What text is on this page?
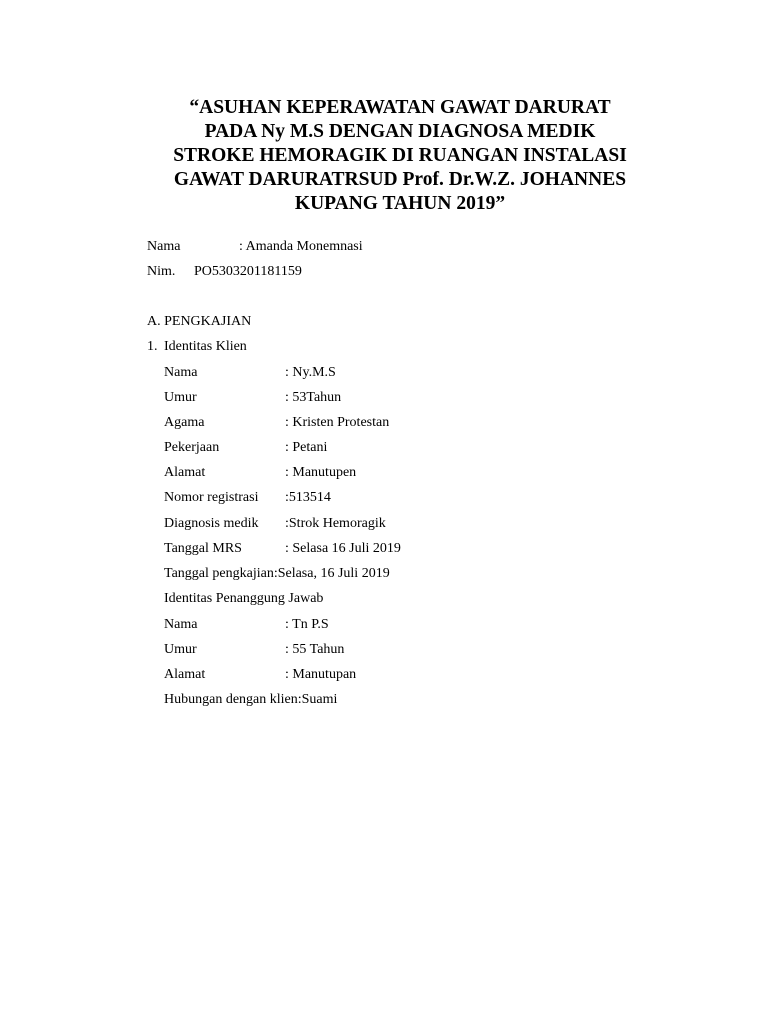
“ASUHAN KEPERAWATAN GAWAT DARURAT
PADA Ny M.S DENGAN DIAGNOSA MEDIK
STROKE HEMORAGIK DI RUANGAN INSTALASI
GAWAT DARURATRSUD Prof. Dr.W.Z. JOHANNES
KUPANG TAHUN 2019”
Nama	: Amanda Monemnasi
Nim. PO5303201181159
A. PENGKAJIAN
1. Identitas Klien
Nama	: Ny.M.S
Umur	: 53Tahun
Agama	: Kristen Protestan
Pekerjaan	: Petani
Alamat	: Manutupen
Nomor registrasi :513514
Diagnosis medik :Strok Hemoragik
Tanggal MRS	: Selasa 16 Juli 2019
Tanggal pengkajian:Selasa, 16 Juli 2019
Identitas Penanggung Jawab
Nama	: Tn P.S
Umur	: 55 Tahun
Alamat	: Manutupan
Hubungan dengan klien:Suami
